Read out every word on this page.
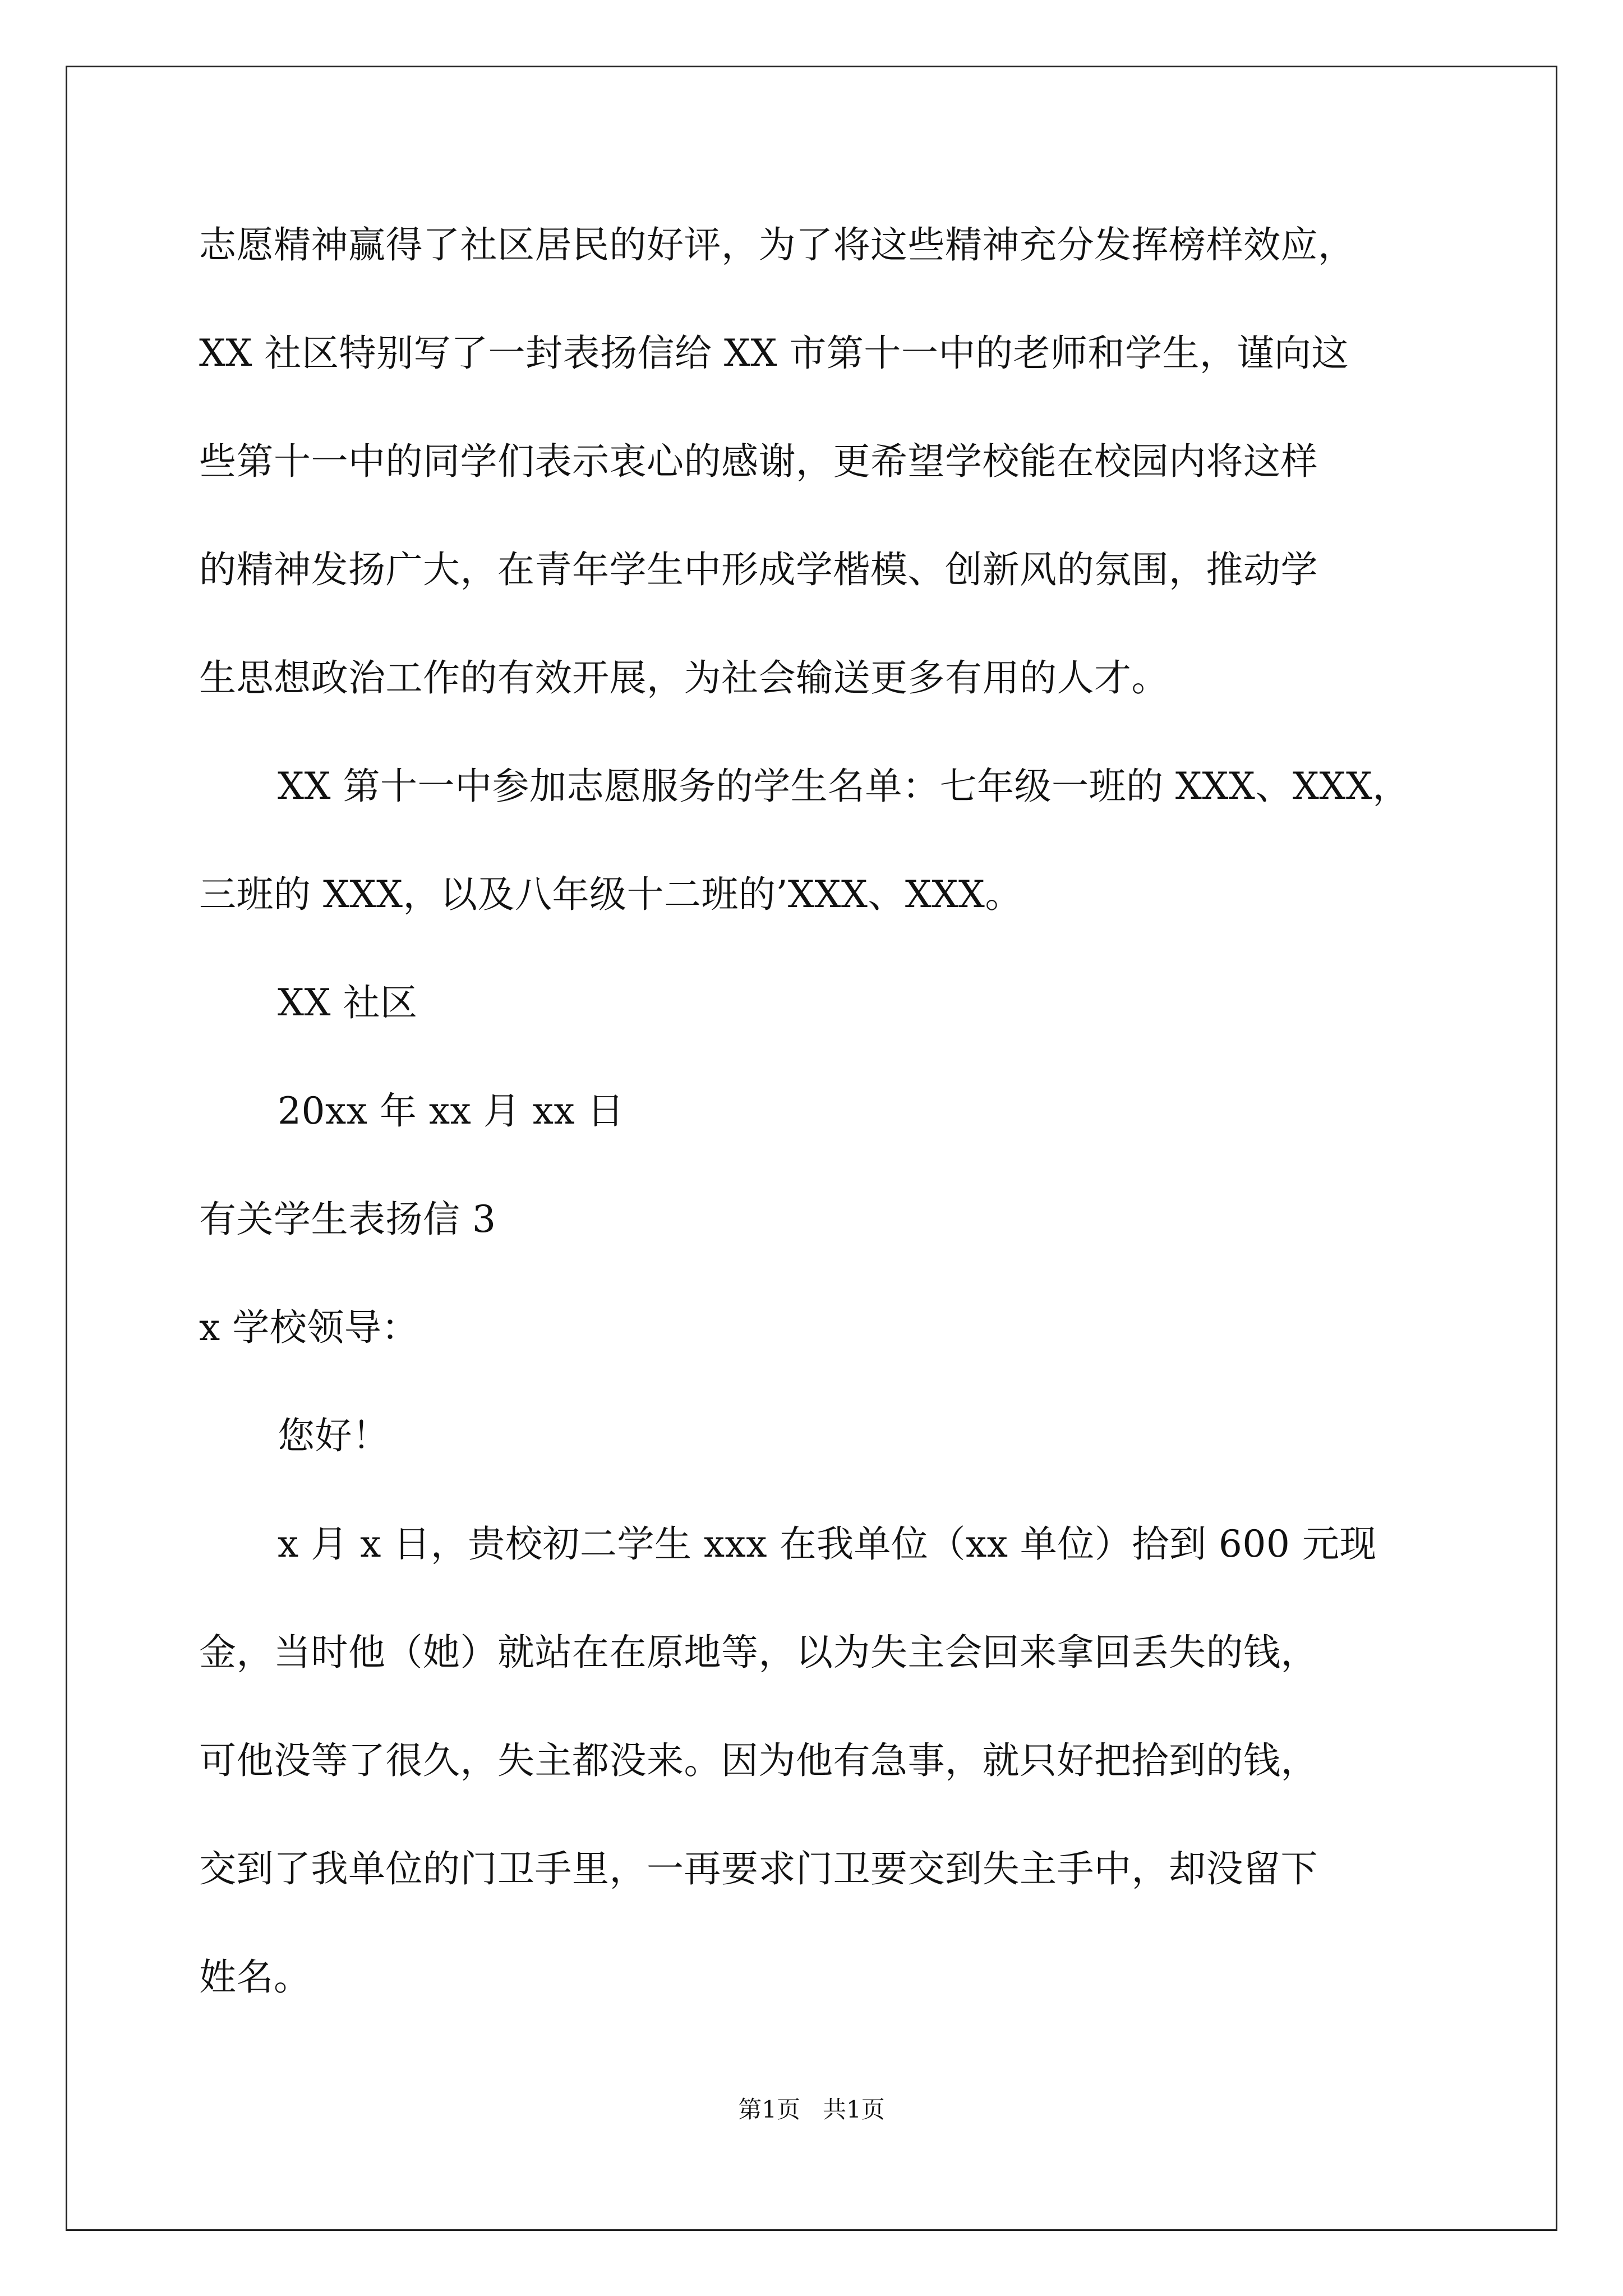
志愿精神赢得了社区居民的好评，为了将这些精神充分发挥榜样效应，
XX 社区特别写了一封表扬信给 XX 市第十一中的老师和学生，谨向这
些第十一中的同学们表示衷心的感谢，更希望学校能在校园内将这样
的精神发扬广大，在青年学生中形成学楷模、创新风的氛围，推动学
生思想政治工作的有效开展，为社会输送更多有用的人才。
XX 第十一中参加志愿服务的学生名单：七年级一班的 XXX、XXX，
三班的 XXX，以及八年级十二班的’XXX、XXX。
XX 社区
20xx 年 xx 月 xx 日
有关学生表扬信 3
x 学校领导：
您好！
x 月 x 日，贵校初二学生 xxx 在我单位（xx 单位）拾到 600 元现
金，当时他（她）就站在在原地等，以为失主会回来拿回丢失的钱，
可他没等了很久，失主都没来。因为他有急事，就只好把拾到的钱，
交到了我单位的门卫手里，一再要求门卫要交到失主手中，却没留下
姓名。
第1页   共1页
